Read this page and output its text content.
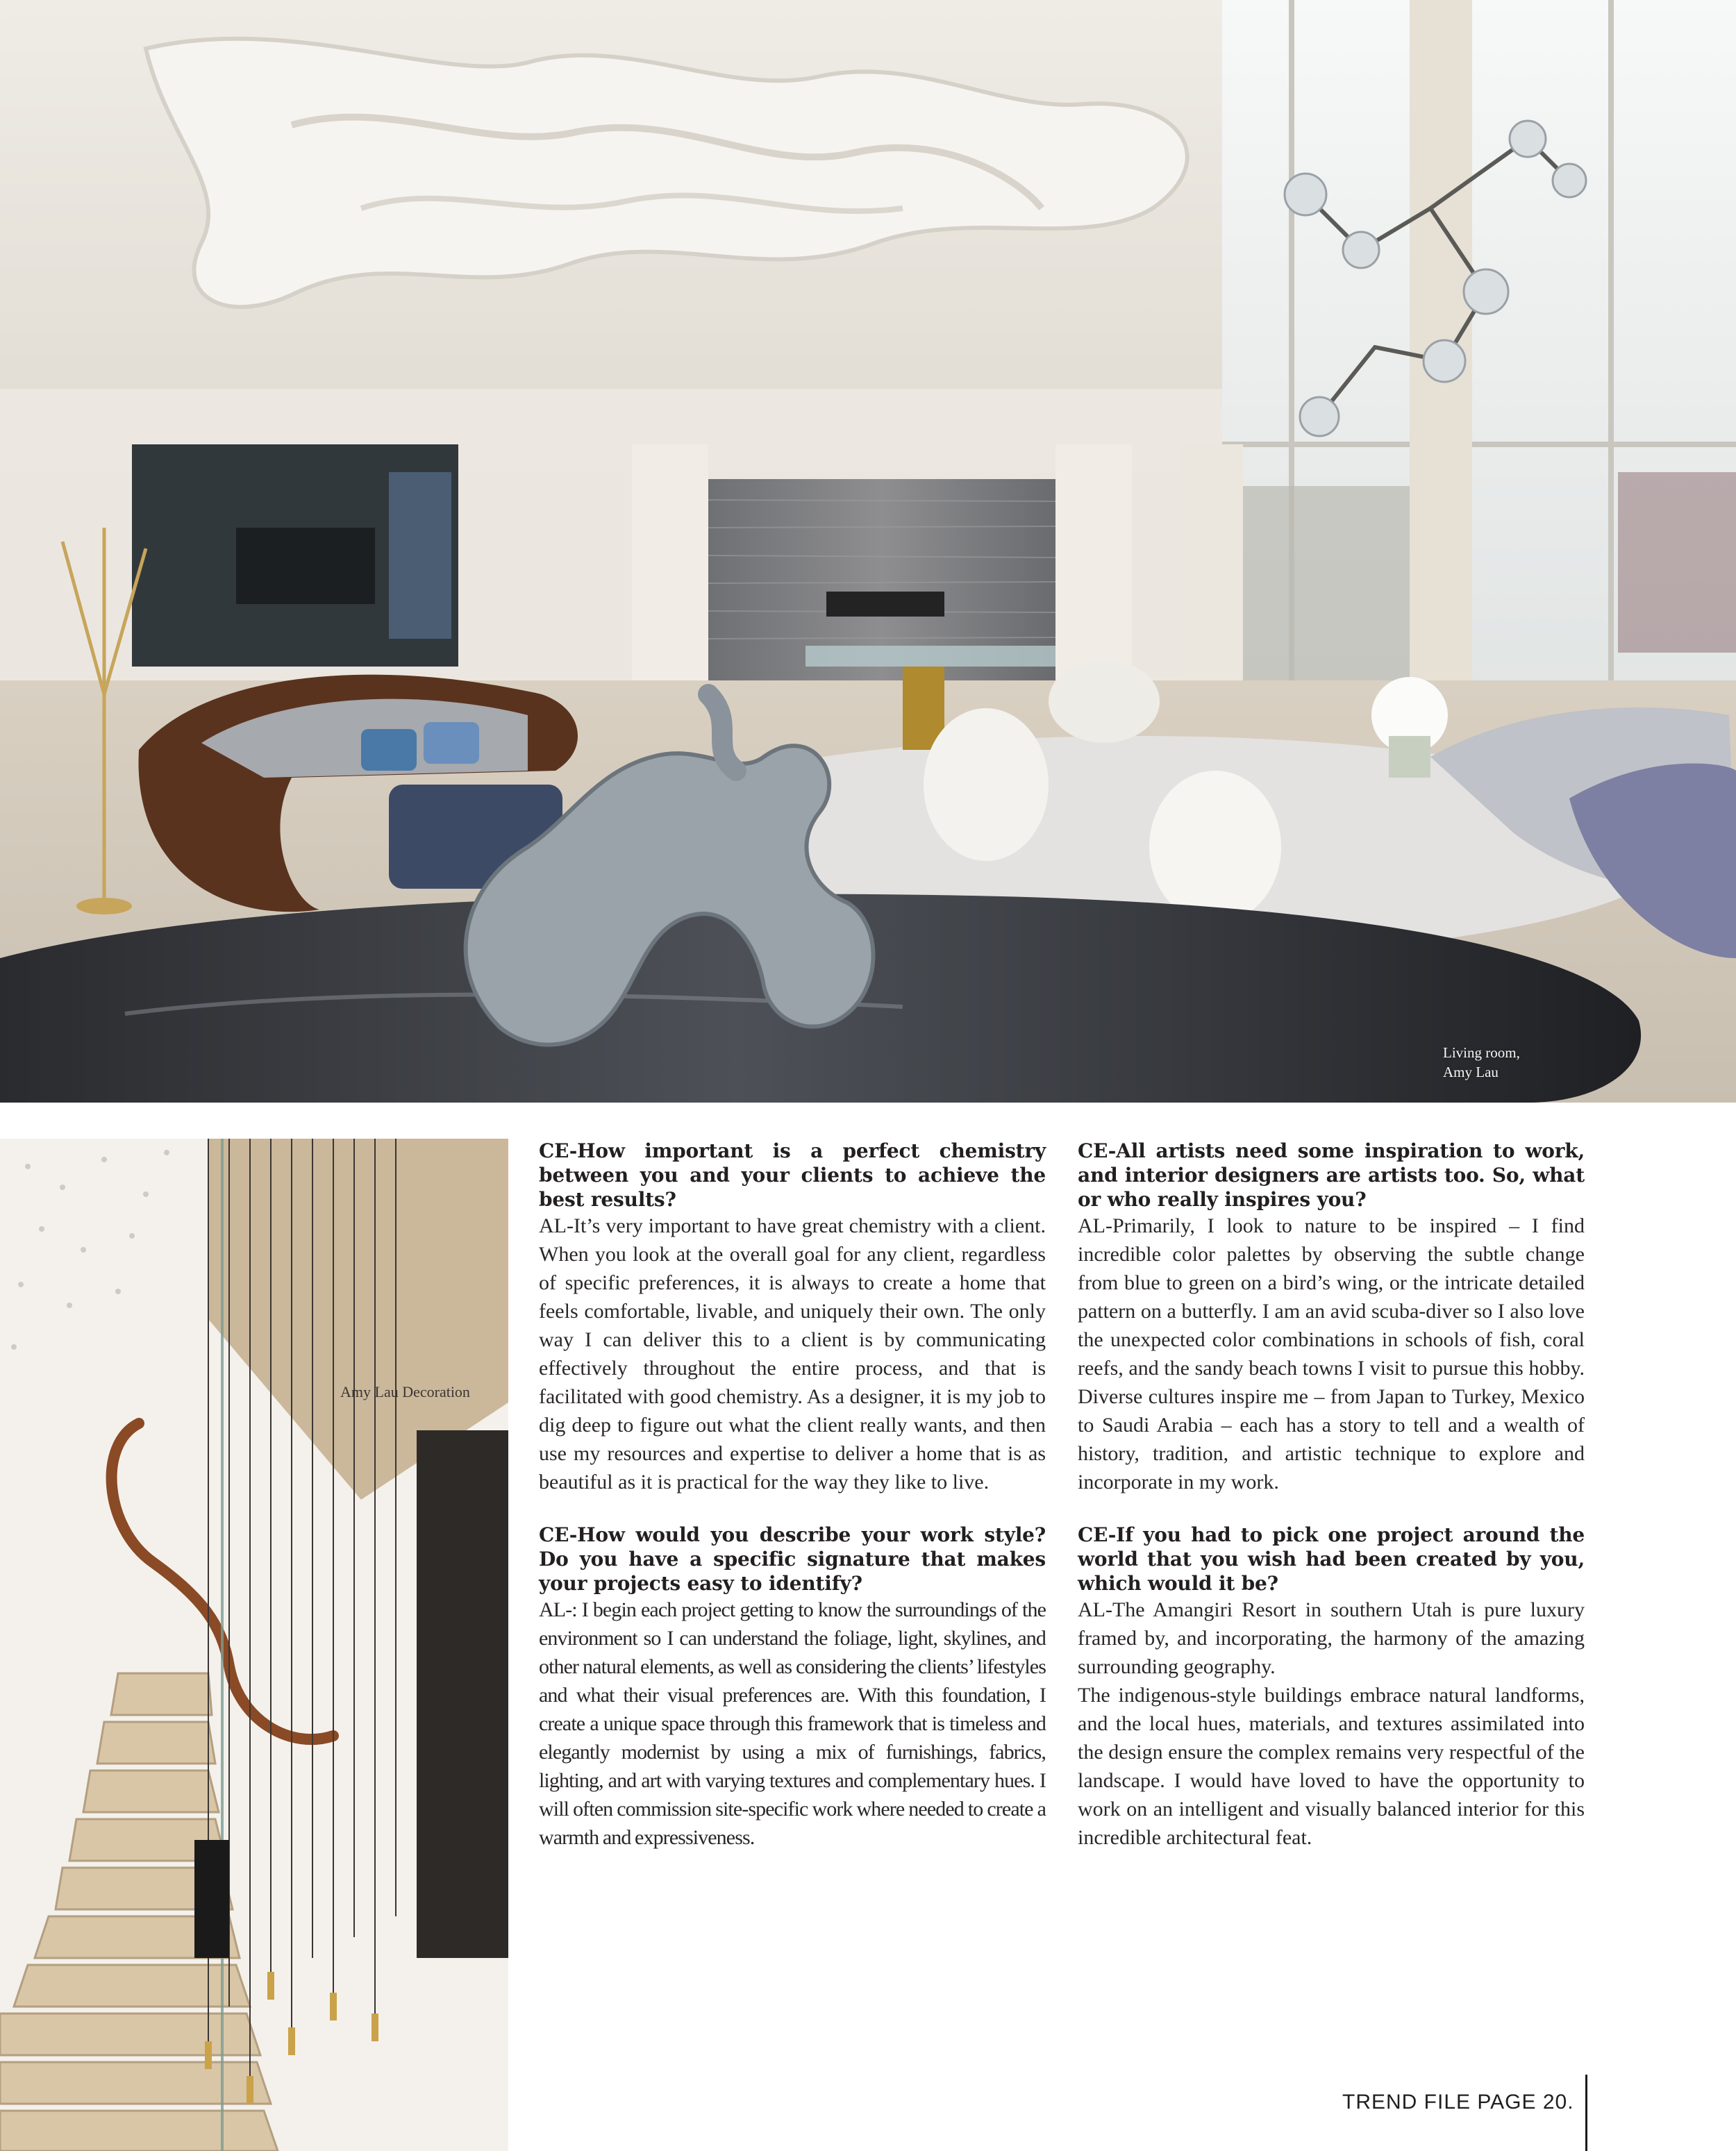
Living room,
Amy Lau
Amy Lau Decoration
CE-How important is a perfect chemistry between you and your clients to achieve the best results?
AL-It’s very important to have great chemistry with a client. When you look at the overall goal for any client, regardless of specific preferences, it is always to create a home that feels comfortable, livable, and uniquely their own. The only way I can deliver this to a client is by communicating effectively throughout the entire process, and that is facilitated with good chemistry. As a designer, it is my job to dig deep to figure out what the client really wants, and then use my resources and expertise to deliver a home that is as beautiful as it is practical for the way they like to live.
CE-How would you describe your work style? Do you have a specific signature that makes your projects easy to identify?
AL-: I begin each project getting to know the surroundings of the environment so I can understand the foliage, light, skylines, and other natural elements, as well as considering the clients’ lifestyles and what their visual preferences are. With this foundation, I create a unique space through this framework that is timeless and elegantly modernist by using a mix of furnishings, fabrics, lighting, and art with varying textures and complementary hues. I will often commission site-specific work where needed to create a warmth and expressiveness.
CE-All artists need some inspiration to work, and interior designers are artists too. So, what or who really inspires you?
AL-Primarily, I look to nature to be inspired – I find incredible color palettes by observing the subtle change from blue to green on a bird’s wing, or the intricate detailed pattern on a butterfly. I am an avid scuba-diver so I also love the unexpected color combinations in schools of fish, coral reefs, and the sandy beach towns I visit to pursue this hobby. Diverse cultures inspire me – from Japan to Turkey, Mexico to Saudi Arabia – each has a story to tell and a wealth of history, tradition, and artistic technique to explore and incorporate in my work.
CE-If you had to pick one project around the world that you wish had been created by you, which would it be?
AL-The Amangiri Resort in southern Utah is pure luxury framed by, and incorporating, the harmony of the amazing surrounding geography.
The indigenous-style buildings embrace natural landforms, and the local hues, materials, and textures assimilated into the design ensure the complex remains very respectful of the landscape. I would have loved to have the opportunity to work on an intelligent and visually balanced interior for this incredible architectural feat.
TREND FILE PAGE 20.
